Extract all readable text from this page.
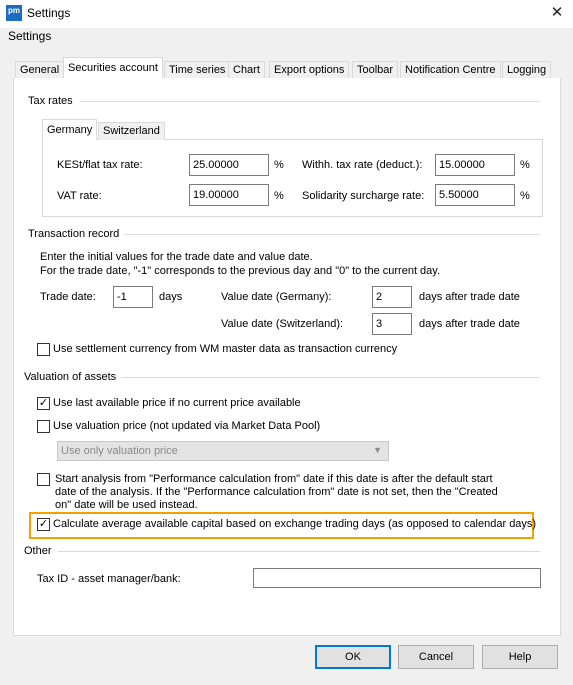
pm Settings	✕
Settings
General Securities account	Time series Chart	Export options	Toolbar	Notification Centre	Logging
Tax rates
Germany Switzerland
KESt/flat tax rate:	25.00000	% Withh. tax rate (deduct.):	15.00000	%
VAT rate:	19.00000	% Solidarity surcharge rate:	5.50000	%
Transaction record
Enter the initial values for the trade date and value date.
For the trade date, "-1" corresponds to the previous day and "0" to the current day.
Trade date:	-1	days	Value date (Germany):	2	days after trade date
Value date (Switzerland):	3	days after trade date
Use settlement currency from WM master data as transaction currency
Valuation of assets
✓ Use last available price if no current price available
Use valuation price (not updated via Market Data Pool)
Use only valuation price	▼
Start analysis from "Performance calculation from" date if this date is after the default start
date of the analysis. If the "Performance calculation from" date is not set, then the "Created
on" date will be used instead.
✓ Calculate average available capital based on exchange trading days (as opposed to calendar days)
Other
Tax ID - asset manager/bank:
OK	Cancel	Help
